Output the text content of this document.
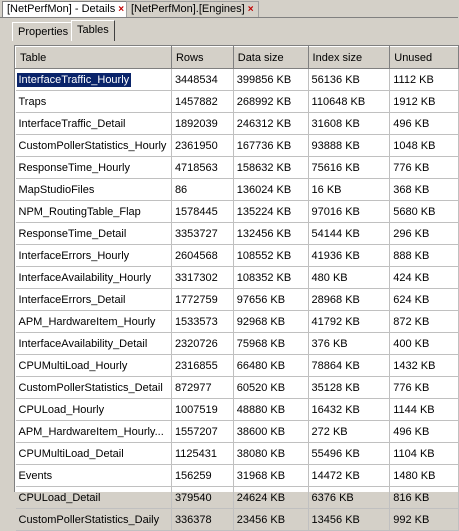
[NetPerfMon] - Details × [NetPerfMon].[Engines] ×
Properties Tables
Table	Rows	Data size	Index size	Unused
InterfaceTraffic_Hourly	3448534	399856 KB	56136 KB	1112 KB
Traps	1457882	268992 KB	110648 KB	1912 KB
InterfaceTraffic_Detail	1892039	246312 KB	31608 KB	496 KB
CustomPollerStatistics_Hourly	2361950	167736 KB	93888 KB	1048 KB
ResponseTime_Hourly	4718563	158632 KB	75616 KB	776 KB
MapStudioFiles	86	136024 KB	16 KB	368 KB
NPM_RoutingTable_Flap	1578445	135224 KB	97016 KB	5680 KB
ResponseTime_Detail	3353727	132456 KB	54144 KB	296 KB
InterfaceErrors_Hourly	2604568	108552 KB	41936 KB	888 KB
InterfaceAvailability_Hourly	3317302	108352 KB	480 KB	424 KB
InterfaceErrors_Detail	1772759	97656 KB	28968 KB	624 KB
APM_HardwareItem_Hourly	1533573	92968 KB	41792 KB	872 KB
InterfaceAvailability_Detail	2320726	75968 KB	376 KB	400 KB
CPUMultiLoad_Hourly	2316855	66480 KB	78864 KB	1432 KB
CustomPollerStatistics_Detail	872977	60520 KB	35128 KB	776 KB
CPULoad_Hourly	1007519	48880 KB	16432 KB	1144 KB
APM_HardwareItem_Hourly...	1557207	38600 KB	272 KB	496 KB
CPUMultiLoad_Detail	1125431	38080 KB	55496 KB	1104 KB
Events	156259	31968 KB	14472 KB	1480 KB
CPULoad_Detail	379540	24624 KB	6376 KB	816 KB
CustomPollerStatistics_Daily	336378	23456 KB	13456 KB	992 KB
